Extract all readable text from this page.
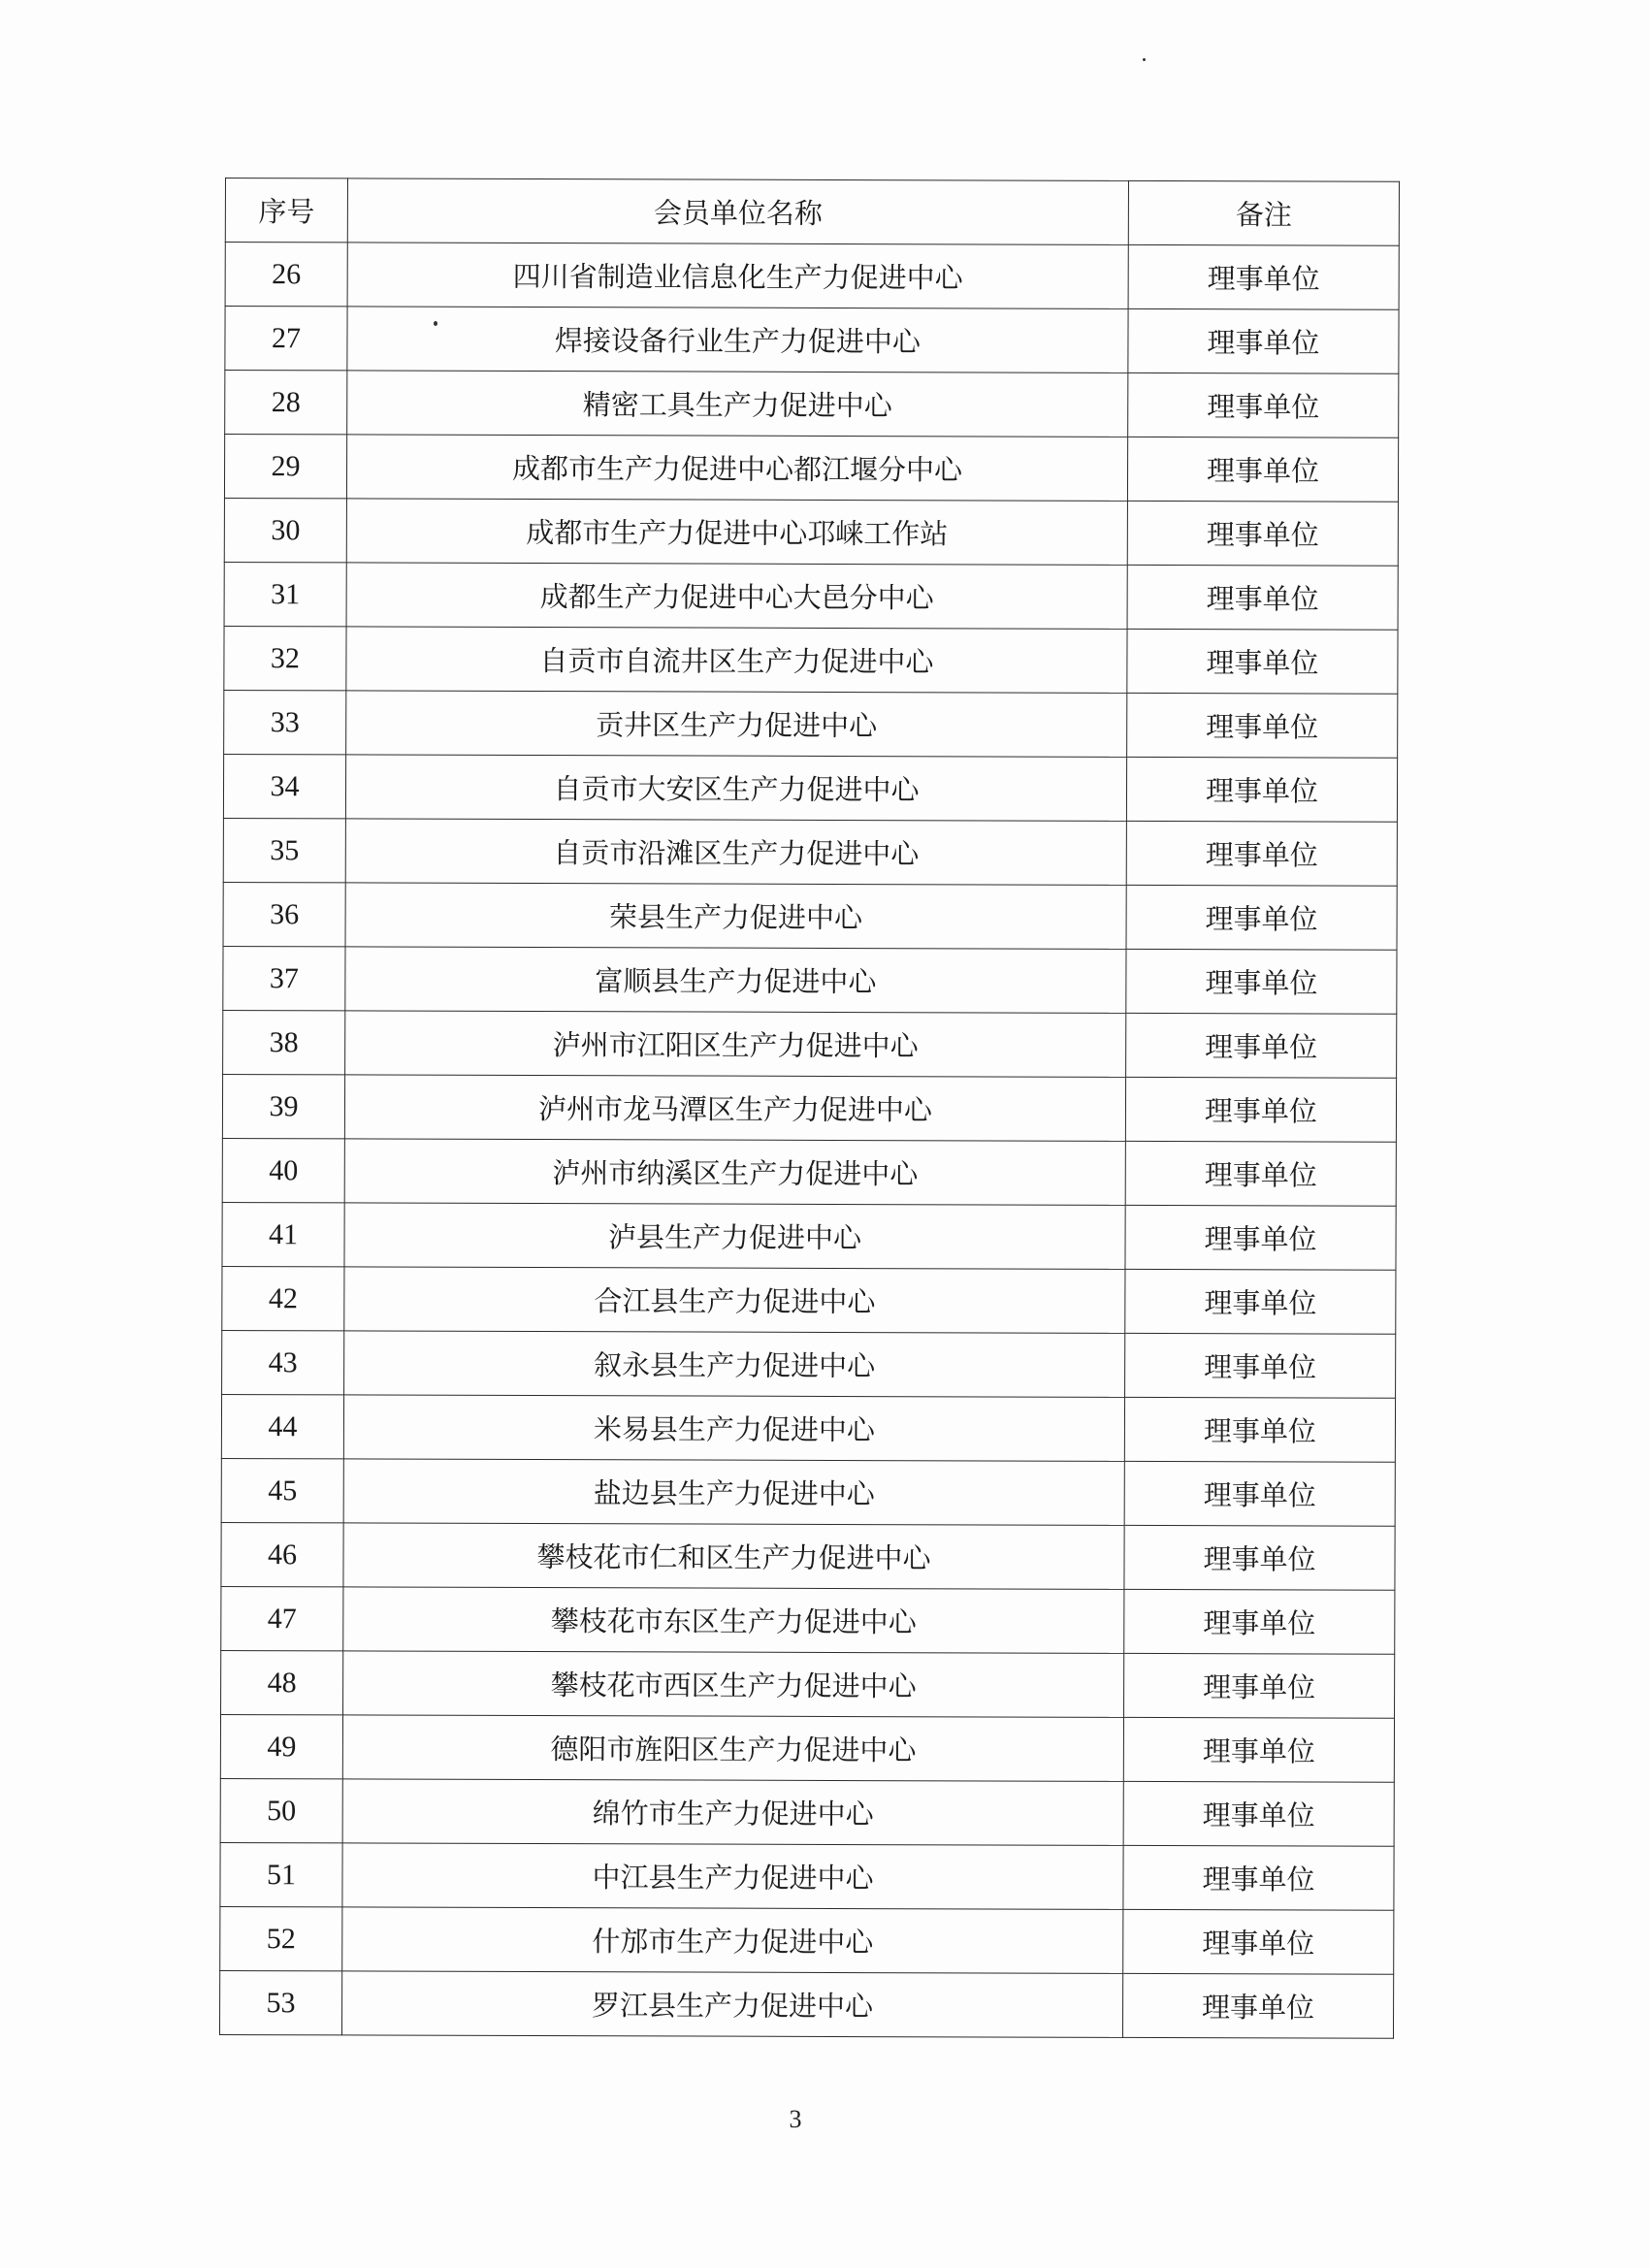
序号	会员单位名称	备注
26	四川省制造业信息化生产力促进中心	理事单位
27	焊接设备行业生产力促进中心	理事单位
28	精密工具生产力促进中心	理事单位
29	成都市生产力促进中心都江堰分中心	理事单位
30	成都市生产力促进中心邛崃工作站	理事单位
31	成都生产力促进中心大邑分中心	理事单位
32	自贡市自流井区生产力促进中心	理事单位
33	贡井区生产力促进中心	理事单位
34	自贡市大安区生产力促进中心	理事单位
35	自贡市沿滩区生产力促进中心	理事单位
36	荣县生产力促进中心	理事单位
37	富顺县生产力促进中心	理事单位
38	泸州市江阳区生产力促进中心	理事单位
39	泸州市龙马潭区生产力促进中心	理事单位
40	泸州市纳溪区生产力促进中心	理事单位
41	泸县生产力促进中心	理事单位
42	合江县生产力促进中心	理事单位
43	叙永县生产力促进中心	理事单位
44	米易县生产力促进中心	理事单位
45	盐边县生产力促进中心	理事单位
46	攀枝花市仁和区生产力促进中心	理事单位
47	攀枝花市东区生产力促进中心	理事单位
48	攀枝花市西区生产力促进中心	理事单位
49	德阳市旌阳区生产力促进中心	理事单位
50	绵竹市生产力促进中心	理事单位
51	中江县生产力促进中心	理事单位
52	什邡市生产力促进中心	理事单位
53	罗江县生产力促进中心	理事单位
3
